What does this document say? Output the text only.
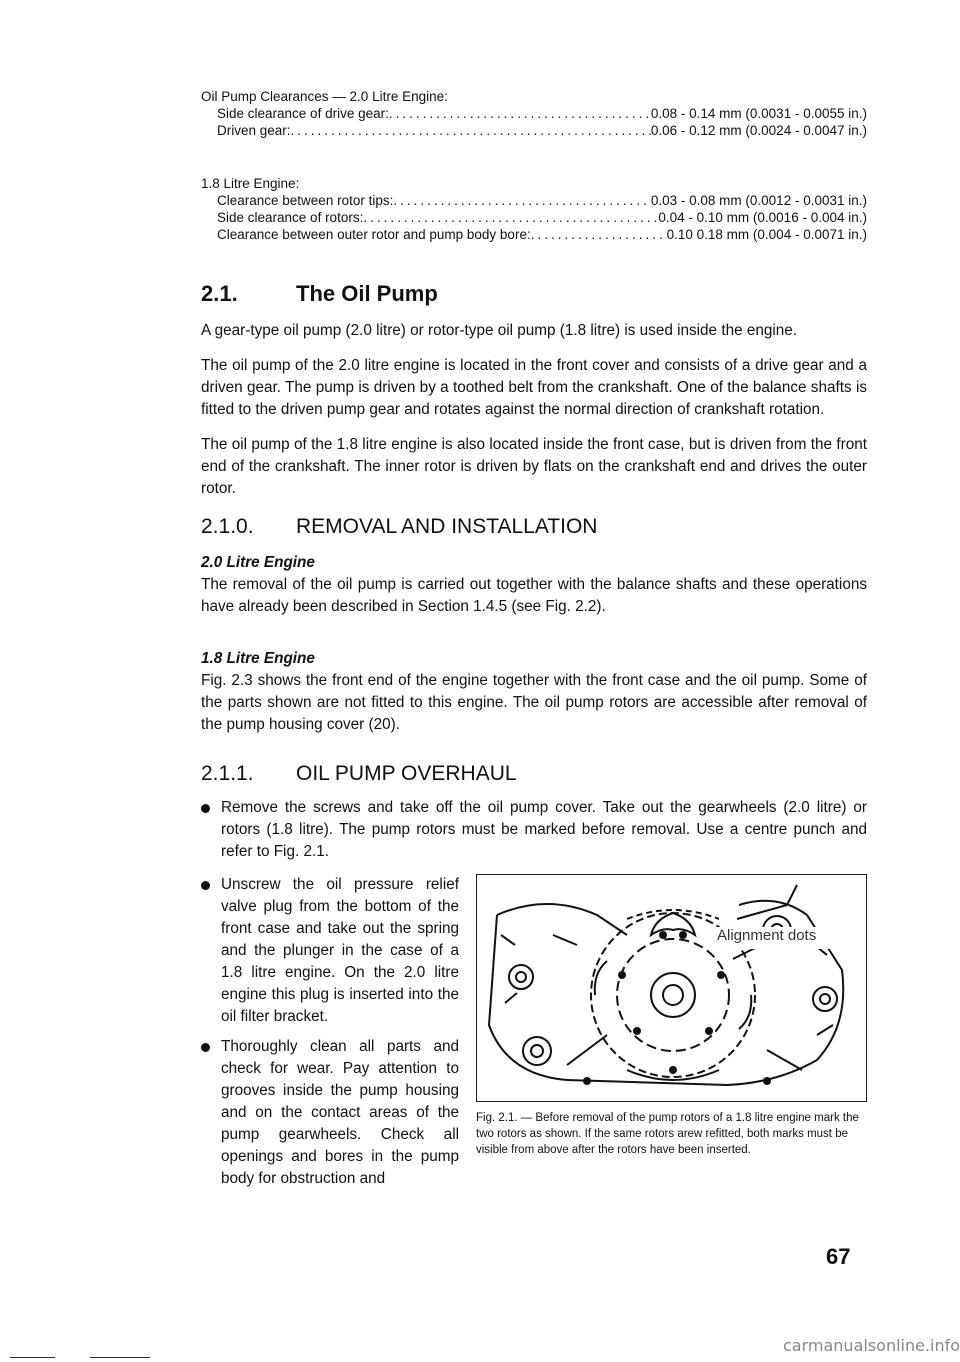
Oil Pump Clearances — 2.0 Litre Engine:
Side clearance of drive gear: .....	0.08 - 0.14 mm (0.0031 - 0.0055 in.)
Driven gear: .....	0.06 - 0.12 mm (0.0024 - 0.0047 in.)
1.8 Litre Engine:
Clearance between rotor tips: .....	0.03 - 0.08 mm (0.0012 - 0.0031 in.)
Side clearance of rotors: .....	0.04 - 0.10 mm (0.0016 - 0.004 in.)
Clearance between outer rotor and pump body bore: .....	0.10 0.18 mm (0.004 - 0.0071 in.)
2.1.	The Oil Pump

A gear-type oil pump (2.0 litre) or rotor-type oil pump (1.8 litre) is used inside the engine.

The oil pump of the 2.0 litre engine is located in the front cover and consists of a drive gear and a driven gear. The pump is driven by a toothed belt from the crankshaft. One of the balance shafts is fitted to the driven pump gear and rotates against the normal direction of crankshaft rotation.

The oil pump of the 1.8 litre engine is also located inside the front case, but is driven from the front end of the crankshaft. The inner rotor is driven by flats on the crankshaft end and drives the outer rotor.

2.1.0. REMOVAL AND INSTALLATION

2.0 Litre Engine
The removal of the oil pump is carried out together with the balance shafts and these operations have already been described in Section 1.4.5 (see Fig. 2.2).

1.8 Litre Engine
Fig. 2.3 shows the front end of the engine together with the front case and the oil pump. Some of the parts shown are not fitted to this engine. The oil pump rotors are accessible after removal of the pump housing cover (20).

2.1.1. OIL PUMP OVERHAUL

Remove the screws and take off the oil pump cover. Take out the gearwheels (2.0 litre) or rotors (1.8 litre). The pump rotors must be marked before removal. Use a centre punch and refer to Fig. 2.1.

Unscrew the oil pressure relief valve plug from the bottom of the front case and take out the spring and the plunger in the case of a 1.8 litre engine. On the 2.0 litre engine this plug is inserted into the oil filter bracket.

Thoroughly clean all parts and check for wear. Pay attention to grooves inside the pump housing and on the contact areas of the pump gearwheels. Check all openings and bores in the pump body for obstruction and

Alignment dots

Fig. 2.1. — Before removal of the pump rotors of a 1.8 litre engine mark the two rotors as shown. If the same rotors arew refitted, both marks must be visible from above after the rotors have been inserted.

67
carmanualsonline.info
